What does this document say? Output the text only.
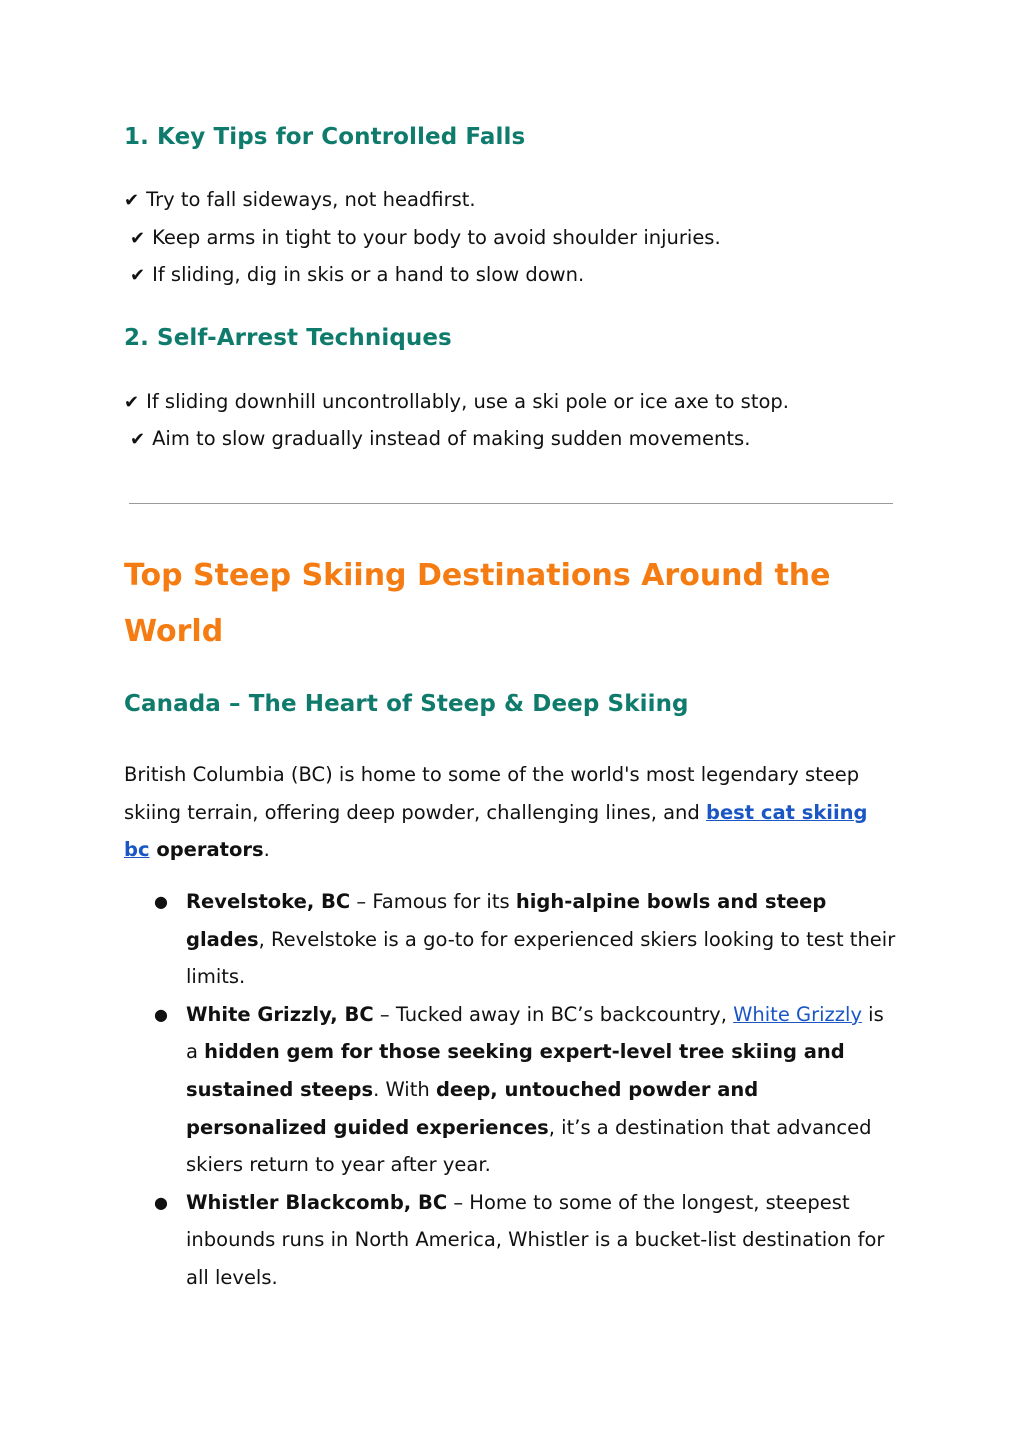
1. Key Tips for Controlled Falls
✔ Try to fall sideways, not headfirst.
✔ Keep arms in tight to your body to avoid shoulder injuries.
✔ If sliding, dig in skis or a hand to slow down.
2. Self-Arrest Techniques
✔ If sliding downhill uncontrollably, use a ski pole or ice axe to stop.
✔ Aim to slow gradually instead of making sudden movements.
Top Steep Skiing Destinations Around the World
Canada – The Heart of Steep & Deep Skiing
British Columbia (BC) is home to some of the world's most legendary steep skiing terrain, offering deep powder, challenging lines, and best cat skiing bc operators.
● Revelstoke, BC – Famous for its high-alpine bowls and steep glades, Revelstoke is a go-to for experienced skiers looking to test their limits.
● White Grizzly, BC – Tucked away in BC’s backcountry, White Grizzly is a hidden gem for those seeking expert-level tree skiing and sustained steeps. With deep, untouched powder and personalized guided experiences, it’s a destination that advanced skiers return to year after year.
● Whistler Blackcomb, BC – Home to some of the longest, steepest inbounds runs in North America, Whistler is a bucket-list destination for all levels.
